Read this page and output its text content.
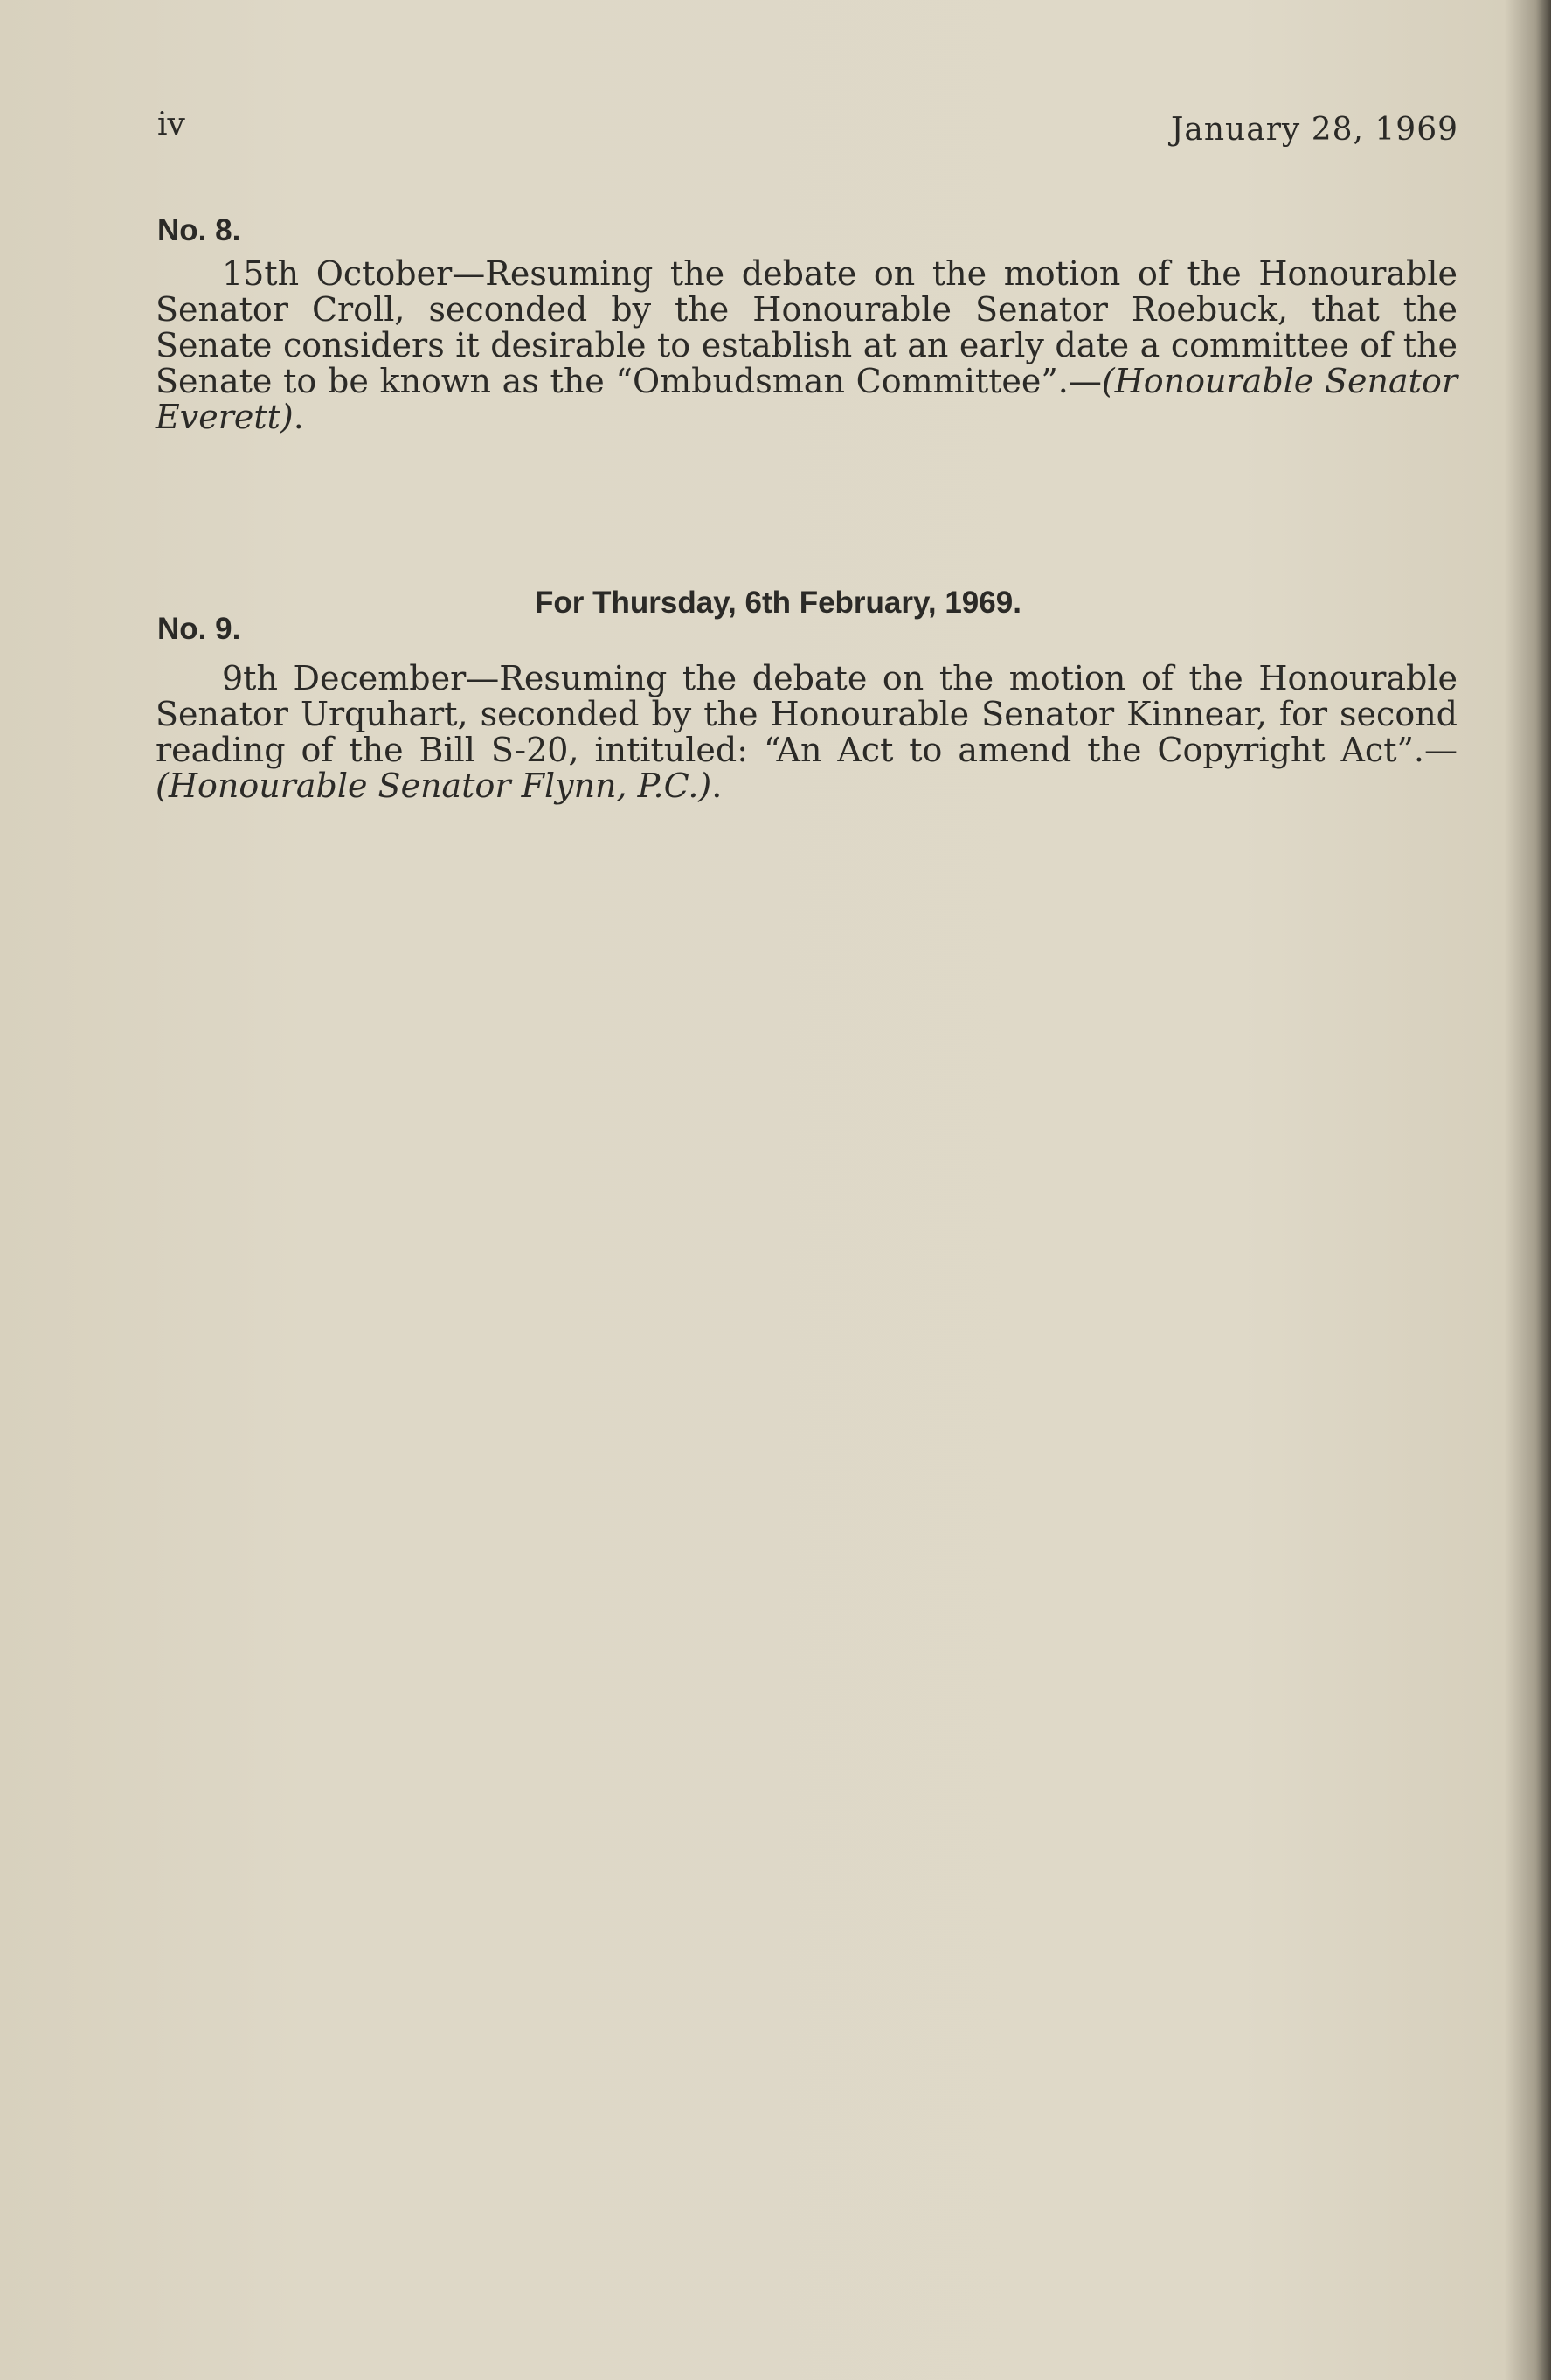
iv	January 28, 1969
No. 8.
15th October—Resuming the debate on the motion of the Honourable Senator Croll, seconded by the Honourable Senator Roebuck, that the Senate considers it desirable to establish at an early date a committee of the Senate to be known as the “Ombudsman Committee”.—(Honourable Senator Everett).
For Thursday, 6th February, 1969.
No. 9.
9th December—Resuming the debate on the motion of the Honourable Senator Urquhart, seconded by the Honourable Senator Kinnear, for second reading of the Bill S-20, intituled: “An Act to amend the Copyright Act”.— (Honourable Senator Flynn, P.C.).
